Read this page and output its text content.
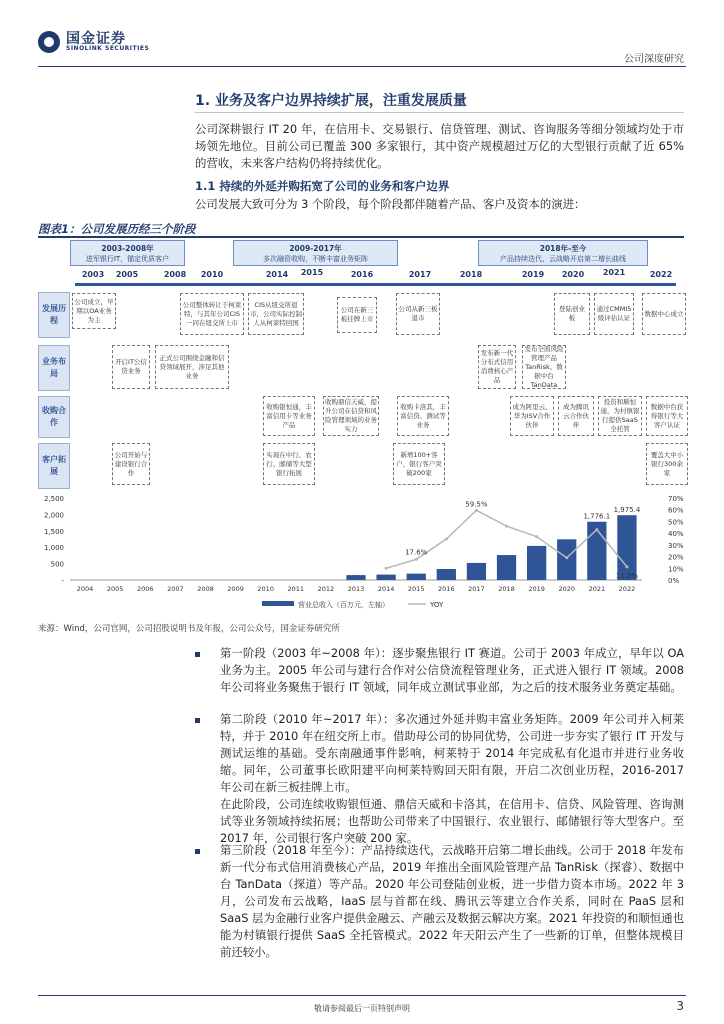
国金证券
SINOLINK SECURITIES
公司深度研究
1. 业务及客户边界持续扩展，注重发展质量
公司深耕银行 IT 20 年，在信用卡、交易银行、信贷管理、测试、咨询服务等细分领域均处于市场领先地位。目前公司已覆盖 300 多家银行，其中资产规模超过万亿的大型银行贡献了近 65%的营收，未来客户结构仍将持续优化。
1.1 持续的外延并购拓宽了公司的业务和客户边界
公司发展大致可分为 3 个阶段，每个阶段都伴随着产品、客户及资本的演进：
图表1：公司发展历经三个阶段
2003-2008年
进军银行IT，锚定优质客户
2009-2017年
多次融资收购，不断丰富业务矩阵
2018年-至今
产品持续迭代，云战略开启第二增长曲线
2003 2005	2008 2010	2014 2015	2016	2017	2018	2019 2020 2021	2022
发展历程
业务布局
收购合作
客户拓展
公司成立，早期以OA业务为主
公司整体转让于柯莱特，与其年公司CIS一同在纽交所上市
CIS从纽交所退市，公司实际控制人从柯莱特回国
公司在新三板挂牌上市
公司从新三板退市
登陆创业板
通过CMMI5级评估认证
数据中心成立
开启IT公信贷业务
正式公司围绕金融和信贷领域展开，涉足其他业务
发布新一代分布式信用消费核心产品
发布全面风险管理产品TanRisk、数据中台TanData
收购银恒通，丰富信用卡等业务产品
收购鼎信天威，提升公司在信贷和风险管理领域的业务实力
收购卡洛其，丰富信贷、测试等业务
成为阿里云、华为ISV合作伙伴
成为腾讯云合作伙伴
投资和顺恒通，为村镇银行提供SaaS全托管
数据中台获得银行等大客户认证
公司开始与建设银行合作
实现在中行、农行、邮储等大型银行拓展
新增100+客户，银行客户突破200家
覆盖大中小银行300余家
-
500
1,000
1,500
2,000
2,500
0%
10%
20%
30%
40%
50%
60%
70%
2004 2005 2006 2007 2008 2009 2010 2011 2012 2013 2014 2015 2016 2017 2018 2019 2020 2021 2022
59.5%
17.6%
1,776.1
1,975.4
11.2%
营业总收入（百万元，左轴）	YOY
来源：Wind，公司官网，公司招股说明书及年报，公司公众号，国金证券研究所
第一阶段（2003 年~2008 年）：逐步聚焦银行 IT 赛道。公司于 2003 年成立，早年以 OA 业务为主。2005 年公司与建行合作对公信贷流程管理业务，正式进入银行 IT 领域。2008 年公司将业务聚焦于银行 IT 领域，同年成立测试事业部，为之后的技术服务业务奠定基础。
第二阶段（2010 年~2017 年）：多次通过外延并购丰富业务矩阵。2009 年公司并入柯莱特，并于 2010 年在纽交所上市。借助母公司的协同优势，公司进一步夯实了银行 IT 开发与测试运维的基础。受东南融通事件影响，柯莱特于 2014 年完成私有化退市并进行业务收缩。同年，公司董事长欧阳建平向柯莱特购回天阳有限，开启二次创业历程，2016-2017 年公司在新三板挂牌上市。
在此阶段，公司连续收购银恒通、鼎信天威和卡洛其，在信用卡、信贷、风险管理、咨询测试等业务领域持续拓展；也帮助公司带来了中国银行、农业银行、邮储银行等大型客户。至 2017 年，公司银行客户突破 200 家。
第三阶段（2018 年至今）：产品持续迭代，云战略开启第二增长曲线。公司于 2018 年发布新一代分布式信用消费核心产品，2019 年推出全面风险管理产品 TanRisk（探睿）、数据中台 TanData（探道）等产品。2020 年公司登陆创业板，进一步借力资本市场。2022 年 3 月，公司发布云战略，IaaS 层与首都在线、腾讯云等建立合作关系，同时在 PaaS 层和 SaaS 层为金融行业客户提供金融云、产融云及数据云解决方案。2021 年投资的和顺恒通也能为村镇银行提供 SaaS 全托管模式。2022 年天阳云产生了一些新的订单，但整体规模目前还较小。
敬请参阅最后一页特别声明	3
